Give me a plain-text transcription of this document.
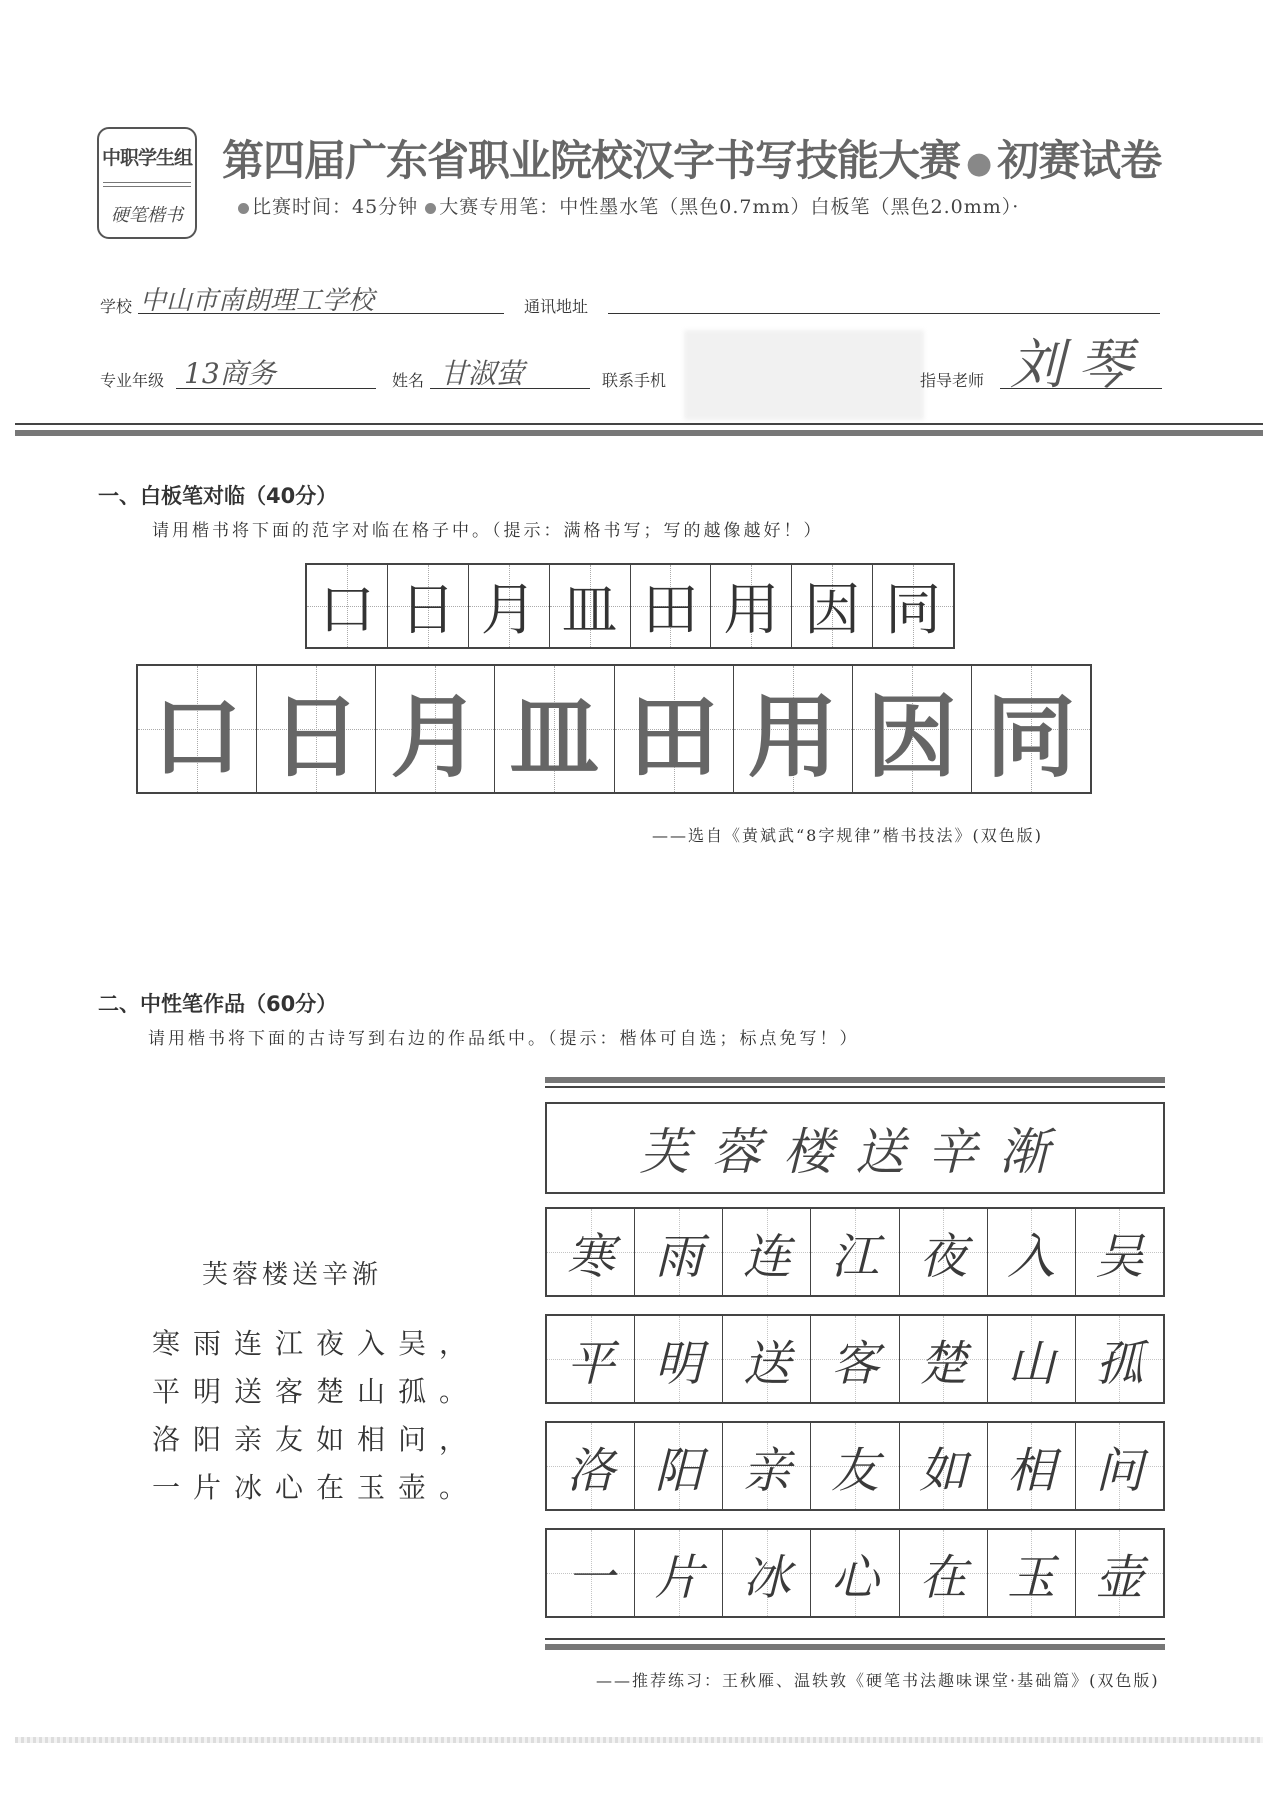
中职学生组
硬笔楷书
第四届广东省职业院校汉字书写技能大赛 ● 初赛试卷
比赛时间：45分钟 大赛专用笔：中性墨水笔（黑色0.7mm）白板笔（黑色2.0mm）·
学校 中山市南朗理工学校	通讯地址
专业年级 13商务	姓名 甘淑萤	联系手机	指导老师 刘琴
一、白板笔对临（40分）
请用楷书将下面的范字对临在格子中。（提示：满格书写；写的越像越好！）
口 日 月 皿 田 用 因 同
口 日 月 皿 田 用 因 同
——选自《黄斌武“8字规律”楷书技法》(双色版)
二、中性笔作品（60分）
请用楷书将下面的古诗写到右边的作品纸中。（提示：楷体可自选；标点免写！）
芙蓉楼送辛渐
寒雨连江夜入吴，
平明送客楚山孤。
洛阳亲友如相问，
一片冰心在玉壶。
芙蓉楼送辛渐
寒 雨 连 江 夜 入 吴
平 明 送 客 楚 山 孤
洛 阳 亲 友 如 相 问
一 片 冰 心 在 玉 壶
——推荐练习：王秋雁、温轶敦《硬笔书法趣味课堂·基础篇》(双色版)
